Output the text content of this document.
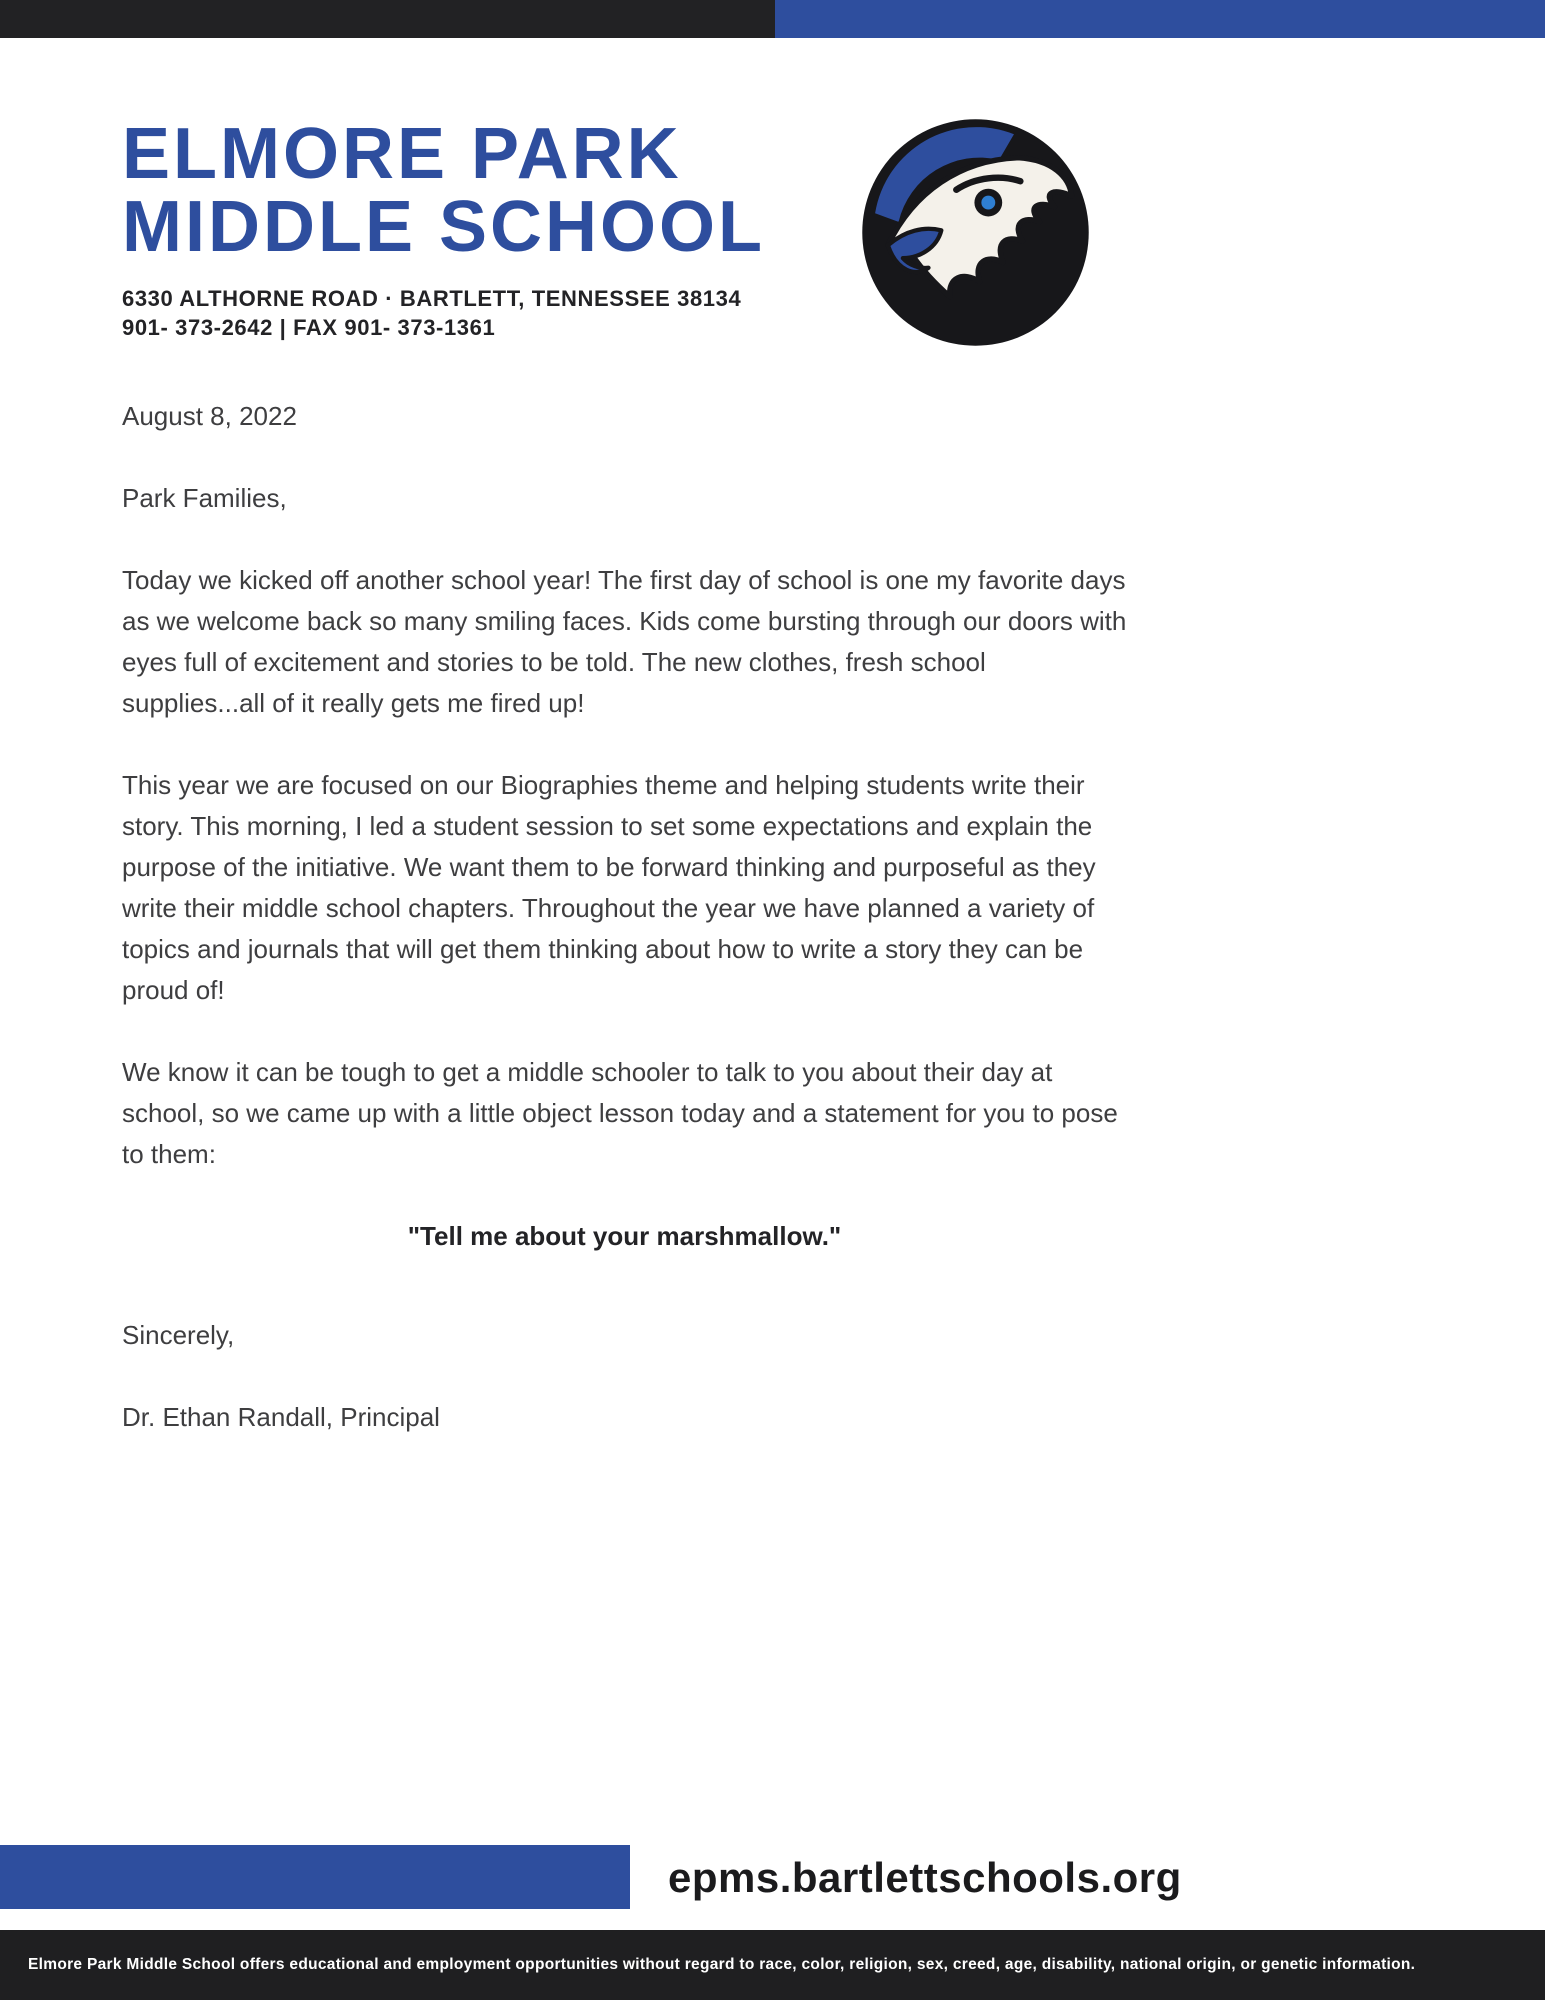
ELMORE PARK
MIDDLE SCHOOL
6330 ALTHORNE ROAD · BARTLETT, TENNESSEE 38134
901- 373-2642 | FAX 901- 373-1361
August 8, 2022
Park Families,

Today we kicked off another school year! The first day of school is one my favorite days as we welcome back so many smiling faces. Kids come bursting through our doors with eyes full of excitement and stories to be told. The new clothes, fresh school supplies...all of it really gets me fired up!

This year we are focused on our Biographies theme and helping students write their story. This morning, I led a student session to set some expectations and explain the purpose of the initiative. We want them to be forward thinking and purposeful as they write their middle school chapters. Throughout the year we have planned a variety of topics and journals that will get them thinking about how to write a story they can be proud of!

We know it can be tough to get a middle schooler to talk to you about their day at school, so we came up with a little object lesson today and a statement for you to pose to them:

"Tell me about your marshmallow."
Sincerely,
Dr. Ethan Randall, Principal
epms.bartlettschools.org
Elmore Park Middle School offers educational and employment opportunities without regard to race, color, religion, sex, creed, age, disability, national origin, or genetic information.
